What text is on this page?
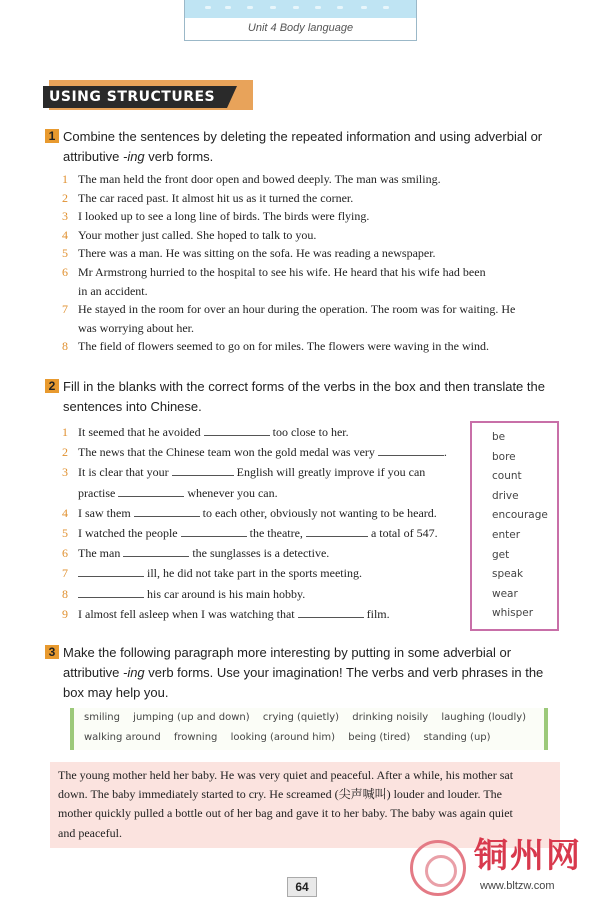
Unit 4 Body language
USING STRUCTURES
1 Combine the sentences by deleting the repeated information and using adverbial or
attributive -ing verb forms.
1 The man held the front door open and bowed deeply. The man was smiling.
2 The car raced past. It almost hit us as it turned the corner.
3 I looked up to see a long line of birds. The birds were flying.
4 Your mother just called. She hoped to talk to you.
5 There was a man. He was sitting on the sofa. He was reading a newspaper.
6 Mr Armstrong hurried to the hospital to see his wife. He heard that his wife had been
in an accident.
7 He stayed in the room for over an hour during the operation. The room was for waiting. He
was worrying about her.
8 The field of flowers seemed to go on for miles. The flowers were waving in the wind.
2 Fill in the blanks with the correct forms of the verbs in the box and then translate the
sentences into Chinese.
1 It seemed that he avoided	too close to her.
2 The news that the Chinese team won the gold medal was very	.
3 It is clear that your	English will greatly improve if you can
practise	whenever you can.
4 I saw them	to each other, obviously not wanting to be heard.
5 I watched the people	the theatre,	a total of 547.
6 The man	the sunglasses is a detective.
7	ill, he did not take part in the sports meeting.
8	his car around is his main hobby.
9 I almost fell asleep when I was watching that	film.
be
bore
count
drive
encourage
enter
get
speak
wear
whisper
3 Make the following paragraph more interesting by putting in some adverbial or
attributive -ing verb forms. Use your imagination! The verbs and verb phrases in the
box may help you.
smiling jumping (up and down) crying (quietly) drinking noisily laughing (loudly)
walking around frowning looking (around him) being (tired) standing (up)
The young mother held her baby. He was very quiet and peaceful. After a while, his mother sat
down. The baby immediately started to cry. He screamed (尖声喊叫) louder and louder. The
mother quickly pulled a bottle out of her bag and gave it to her baby. The baby was again quiet
and peaceful.
铜州网
www.bltzw.com
64
